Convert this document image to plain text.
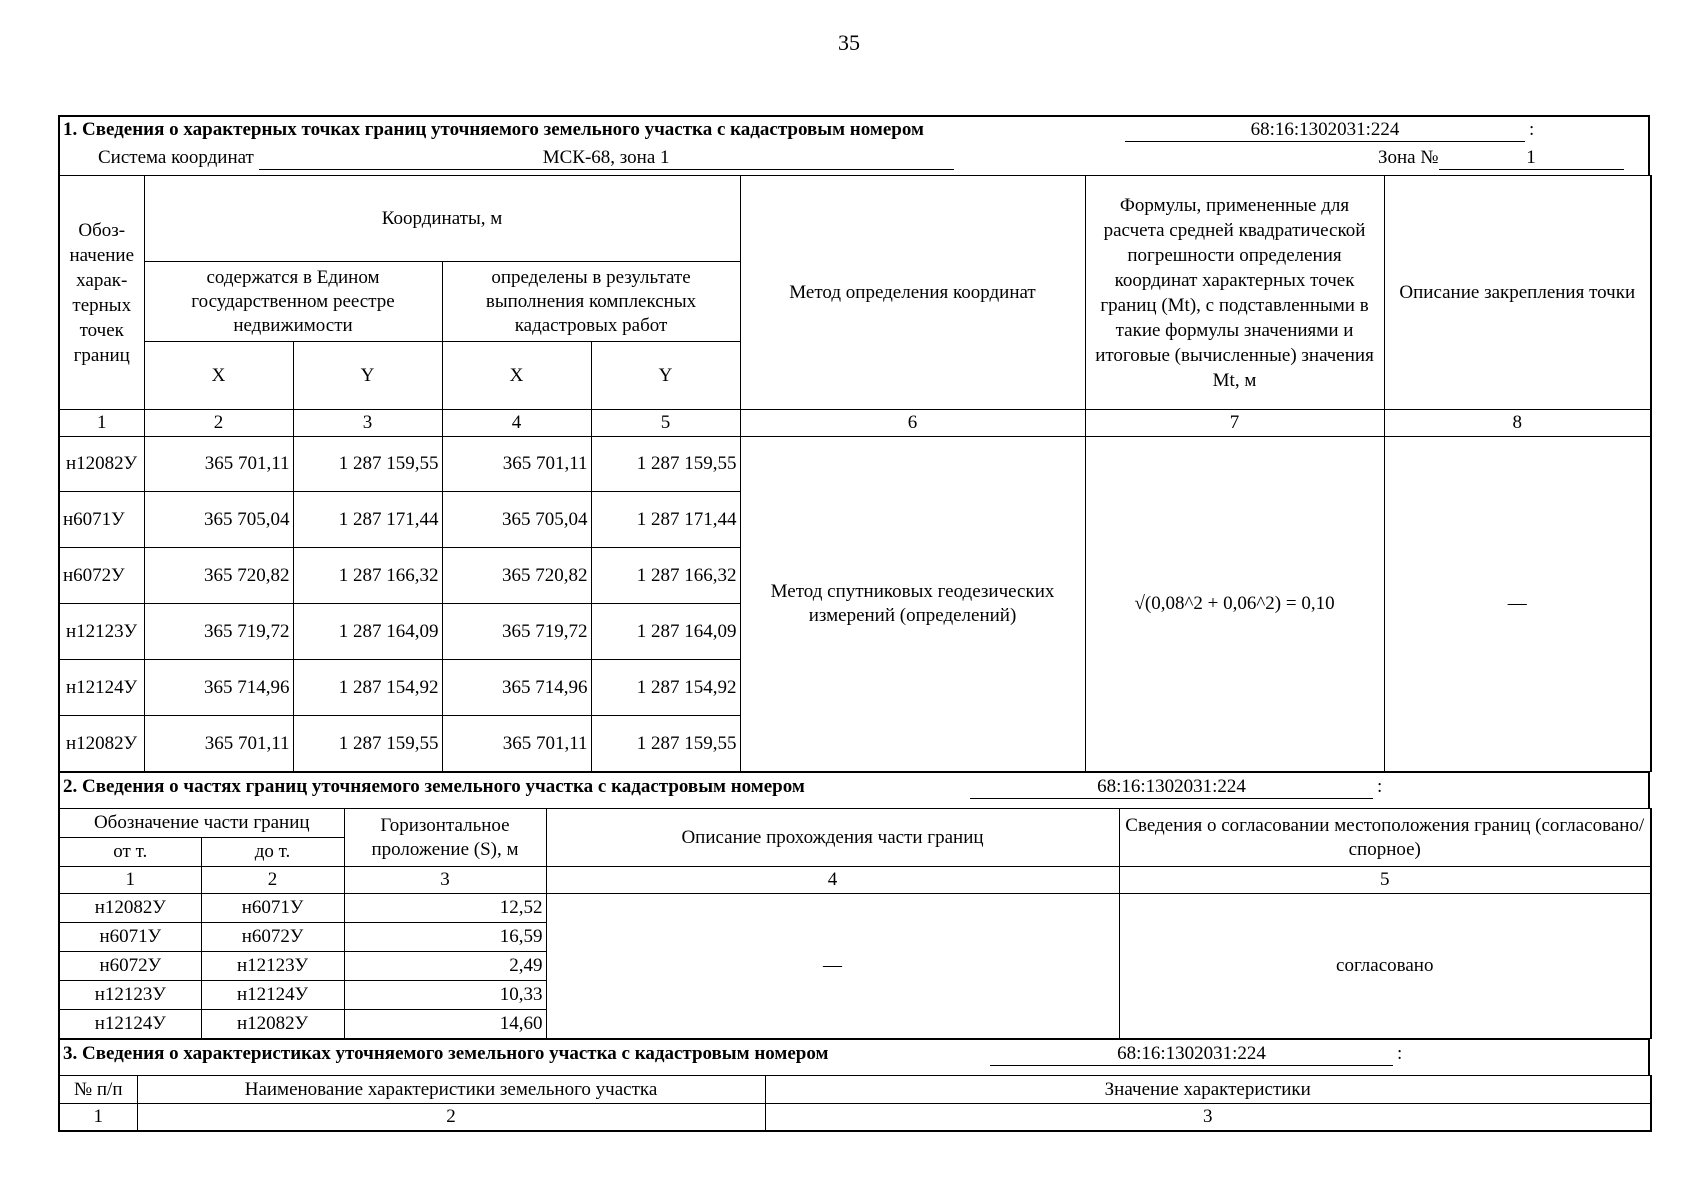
35
1. Сведения о характерных точках границ уточняемого земельного участка с кадастровым номером	68:16:1302031:224	:
Система координат	МСК-68, зона 1	Зона №	1
Обоз-начение харак-терных точек границ	Координаты, м				Метод определения координат	Формулы, примененные для расчета средней квадратической погрешности определения координат характерных точек границ (Mt), с подставленными в такие формулы значениями и итоговые (вычисленные) значения Mt, м	Описание закрепления точки
	содержатся в Едином государственном реестре недвижимости		определены в результате выполнения комплексных кадастровых работ				
	X	Y	X	Y			
1	2	3	4	5	6	7	8
н12082У	365 701,11	1 287 159,55	365 701,11	1 287 159,55	Метод спутниковых геодезических измерений (определений)	√(0,08^2 + 0,06^2) = 0,10	—
н6071У	365 705,04	1 287 171,44	365 705,04	1 287 171,44			
н6072У	365 720,82	1 287 166,32	365 720,82	1 287 166,32			
н12123У	365 719,72	1 287 164,09	365 719,72	1 287 164,09			
н12124У	365 714,96	1 287 154,92	365 714,96	1 287 154,92			
н12082У	365 701,11	1 287 159,55	365 701,11	1 287 159,55			
2. Сведения о частях границ уточняемого земельного участка с кадастровым номером	68:16:1302031:224	:
Обозначение части границ		Горизонтальное проложение (S), м	Описание прохождения части границ	Сведения о согласовании местоположения границ (согласовано/спорное)
от т.	до т.			
1	2	3	4	5
н12082У	н6071У	12,52	—	согласовано
н6071У	н6072У	16,59		
н6072У	н12123У	2,49		
н12123У	н12124У	10,33		
н12124У	н12082У	14,60		
3. Сведения о характеристиках уточняемого земельного участка с кадастровым номером	68:16:1302031:224	:
№ п/п	Наименование характеристики земельного участка	Значение характеристики
1	2	3
